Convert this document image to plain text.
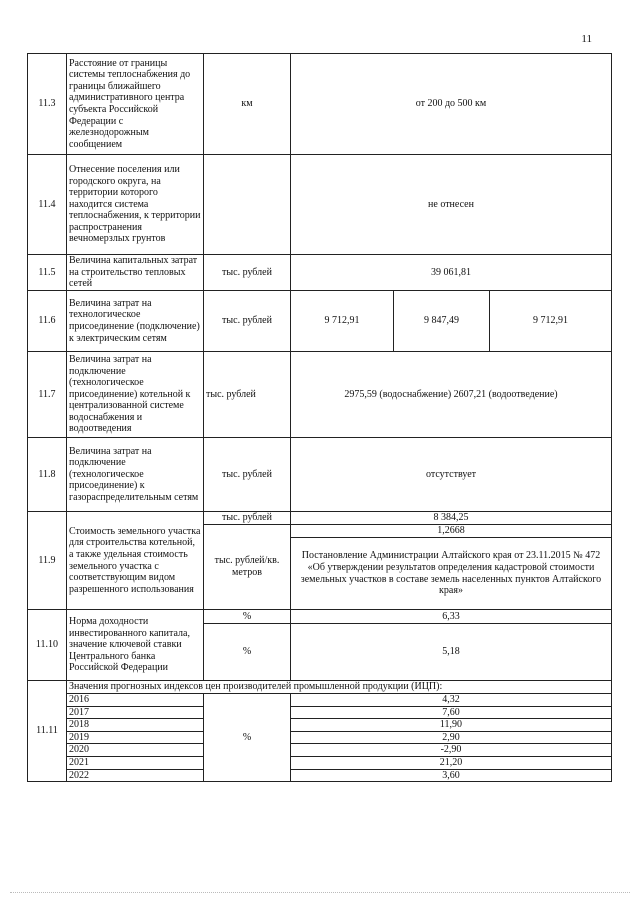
11
11.3	Расстояние от границы системы теплоснабжения до границы ближайшего административного центра субъекта Российской Федерации с железнодорожным сообщением	км	от 200 до 500 км		
11.4	Отнесение поселения или городского округа, на территории которого находится система теплоснабжения, к территории распространения вечномерзлых грунтов		не отнесен		
11.5	Величина капитальных затрат на строительство тепловых сетей	тыс. рублей	39 061,81		
11.6	Величина затрат на технологическое присоединение (подключение) к электрическим сетям	тыс. рублей	9 712,91	9 847,49	9 712,91
11.7	Величина затрат на подключение (технологическое присоединение) котельной к централизованной системе водоснабжения и водоотведения	тыс. рублей	2975,59 (водоснабжение) 2607,21 (водоотведение)		
11.8	Величина затрат на подключение (технологическое присоединение) к газораспределительным сетям	тыс. рублей	отсутствует		
11.9	Стоимость земельного участка для строительства котельной, а также удельная стоимость земельного участка с соответствующим видом разрешенного использования	тыс. рублей	8 384,25		
		тыс. рублей/кв. метров	1,2668		
			Постановление Администрации Алтайского края от 23.11.2015 № 472 «Об утверждении результатов определения кадастровой стоимости земельных участков в составе земель населенных пунктов Алтайского края»		
11.10	Норма доходности инвестированного капитала, значение ключевой ставки Центрального банка Российской Федерации	%	6,33		
		%	5,18		
11.11	Значения прогнозных индексов цен производителей промышленной продукции (ИЦП):				
	2016	%	4,32		
	2017		7,60		
	2018		11,90		
	2019		2,90		
	2020		-2,90		
	2021		21,20		
	2022		3,60		
